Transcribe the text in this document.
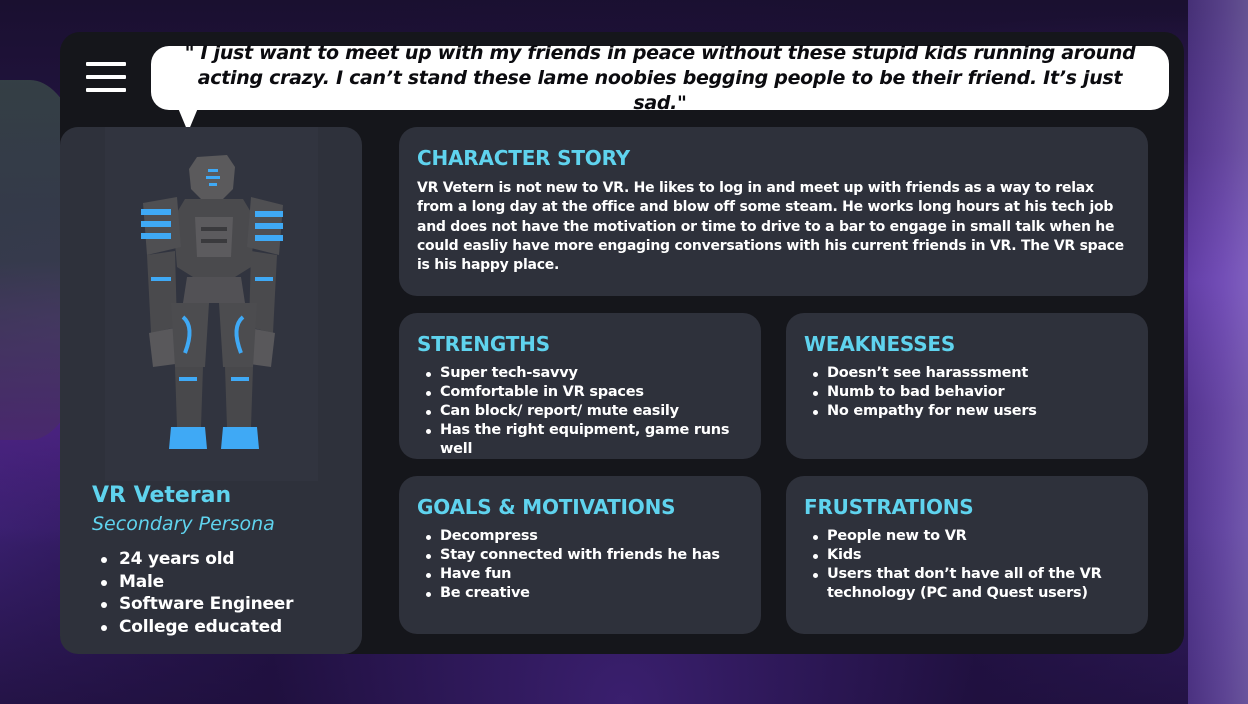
" I just want to meet up with my friends in peace without these stupid kids running around acting crazy. I can’t stand these lame noobies begging people to be their friend. It’s just sad."
VR Veteran
Secondary Persona
24 years old
Male
Software Engineer
College educated
CHARACTER STORY

VR Vetern is not new to VR. He likes to log in and meet up with friends as a way to relax from a long day at the office and blow off some steam. He works long hours at his tech job and does not have the motivation or time to drive to a bar to engage in small talk when he could easliy have more engaging conversations with his current friends in VR. The VR space is his happy place.

STRENGTHS
Super tech-savvy
Comfortable in VR spaces
Can block/ report/ mute easily
Has the right equipment, game runs well
WEAKNESSES
Doesn’t see harasssment
Numb to bad behavior
No empathy for new users
GOALS & MOTIVATIONS
Decompress
Stay connected with friends he has
Have fun
Be creative
FRUSTRATIONS
People new to VR
Kids
Users that don’t have all of the VR technology (PC and Quest users)
